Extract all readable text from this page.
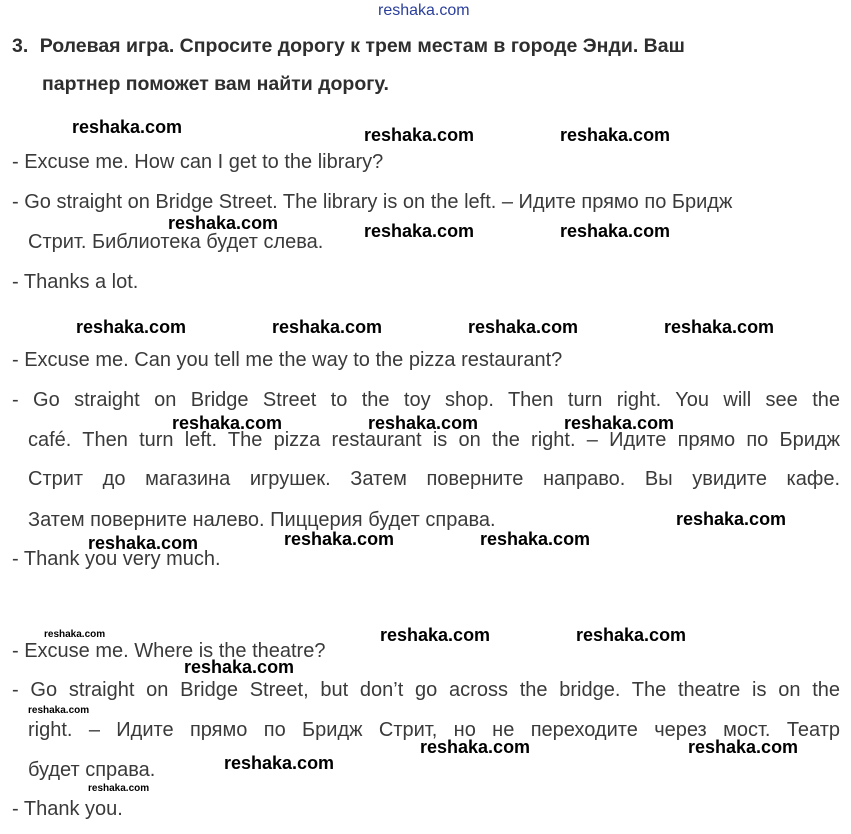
reshaka.com
3. Ролевая игра. Спросите дорогу к трем местам в городе Энди. Ваш
партнер поможет вам найти дорогу.
- Excuse me. How can I get to the library?
- Go straight on Bridge Street. The library is on the left. – Идите прямо по Бридж
Стрит. Библиотека будет слева.
- Thanks a lot.
- Excuse me. Can you tell me the way to the pizza restaurant?
- Go straight on Bridge Street to the toy shop. Then turn right. You will see the
café. Then turn left. The pizza restaurant is on the right. – Идите прямо по Бридж
Стрит до магазина игрушек. Затем поверните направо. Вы увидите кафе.
Затем поверните налево. Пиццерия будет справа.
- Thank you very much.
- Excuse me. Where is the theatre?
- Go straight on Bridge Street, but don’t go across the bridge. The theatre is on the
right. – Идите прямо по Бридж Стрит, но не переходите через мост. Театр
будет справа.
- Thank you.
reshaka.com	reshaka.com	reshaka.com
reshaka.com	reshaka.com	reshaka.com
reshaka.com	reshaka.com	reshaka.com	reshaka.com
reshaka.com	reshaka.com	reshaka.com
reshaka.com
reshaka.com	reshaka.com	reshaka.com
reshaka.com	reshaka.com	reshaka.com
reshaka.com
reshaka.com
reshaka.com	reshaka.com
reshaka.com
reshaka.com
